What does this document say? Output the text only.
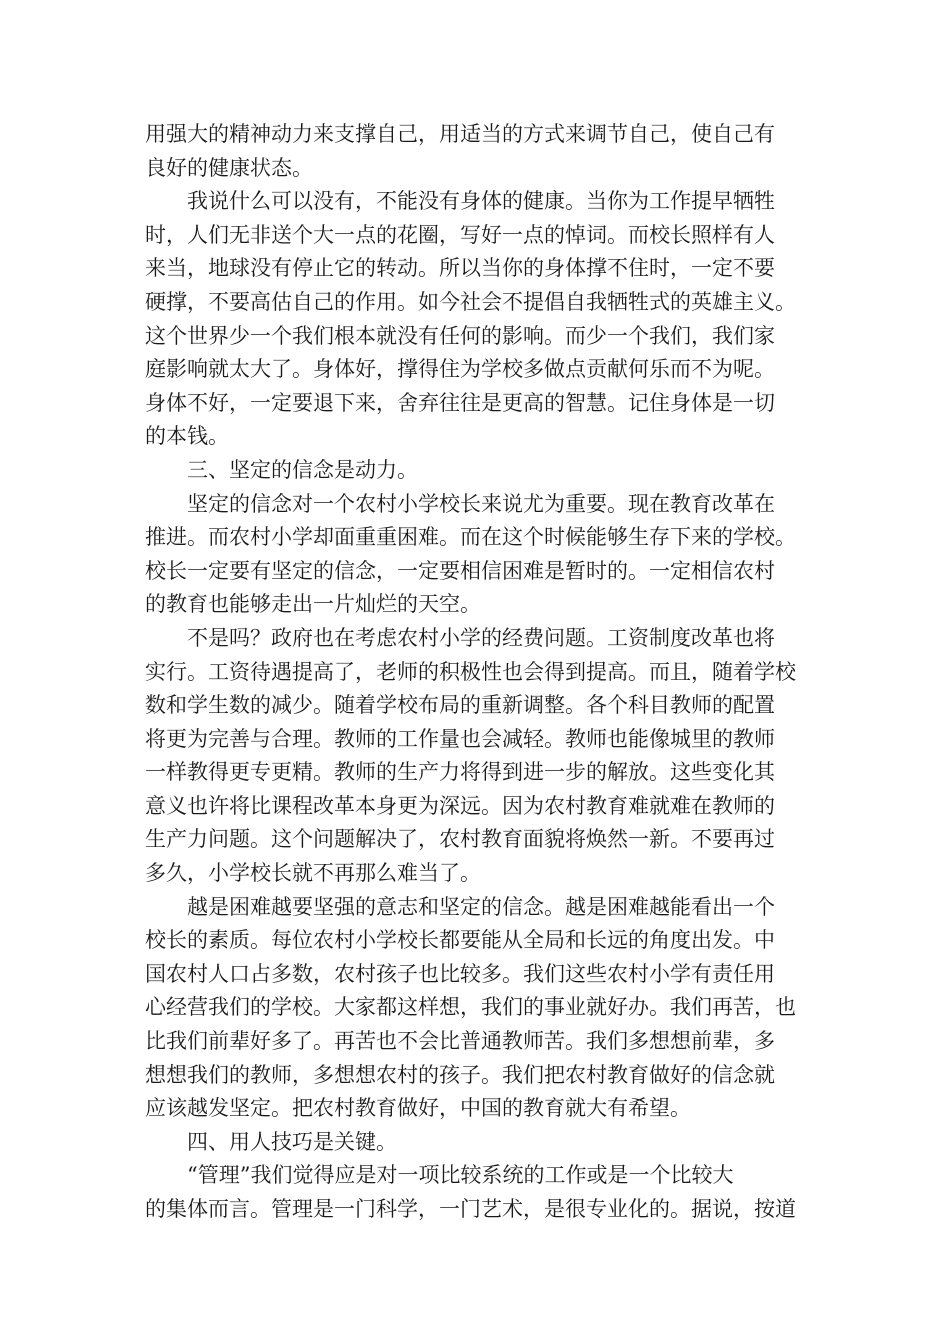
用强大的精神动力来支撑自己，用适当的方式来调节自己，使自己有
良好的健康状态。
我说什么可以没有，不能没有身体的健康。当你为工作提早牺牲
时，人们无非送个大一点的花圈，写好一点的悼词。而校长照样有人
来当，地球没有停止它的转动。所以当你的身体撑不住时，一定不要
硬撑，不要高估自己的作用。如今社会不提倡自我牺牲式的英雄主义。
这个世界少一个我们根本就没有任何的影响。而少一个我们，我们家
庭影响就太大了。身体好，撑得住为学校多做点贡献何乐而不为呢。
身体不好，一定要退下来，舍弃往往是更高的智慧。记住身体是一切
的本钱。
三、坚定的信念是动力。
坚定的信念对一个农村小学校长来说尤为重要。现在教育改革在
推进。而农村小学却面重重困难。而在这个时候能够生存下来的学校。
校长一定要有坚定的信念，一定要相信困难是暂时的。一定相信农村
的教育也能够走出一片灿烂的天空。
不是吗？政府也在考虑农村小学的经费问题。工资制度改革也将
实行。工资待遇提高了，老师的积极性也会得到提高。而且，随着学校
数和学生数的减少。随着学校布局的重新调整。各个科目教师的配置
将更为完善与合理。教师的工作量也会减轻。教师也能像城里的教师
一样教得更专更精。教师的生产力将得到进一步的解放。这些变化其
意义也许将比课程改革本身更为深远。因为农村教育难就难在教师的
生产力问题。这个问题解决了，农村教育面貌将焕然一新。不要再过
多久，小学校长就不再那么难当了。
越是困难越要坚强的意志和坚定的信念。越是困难越能看出一个
校长的素质。每位农村小学校长都要能从全局和长远的角度出发。中
国农村人口占多数，农村孩子也比较多。我们这些农村小学有责任用
心经营我们的学校。大家都这样想，我们的事业就好办。我们再苦，也
比我们前辈好多了。再苦也不会比普通教师苦。我们多想想前辈，多
想想我们的教师，多想想农村的孩子。我们把农村教育做好的信念就
应该越发坚定。把农村教育做好，中国的教育就大有希望。
四、用人技巧是关键。
“管理”我们觉得应是对一项比较系统的工作或是一个比较大
的集体而言。管理是一门科学，一门艺术，是很专业化的。据说，按道
